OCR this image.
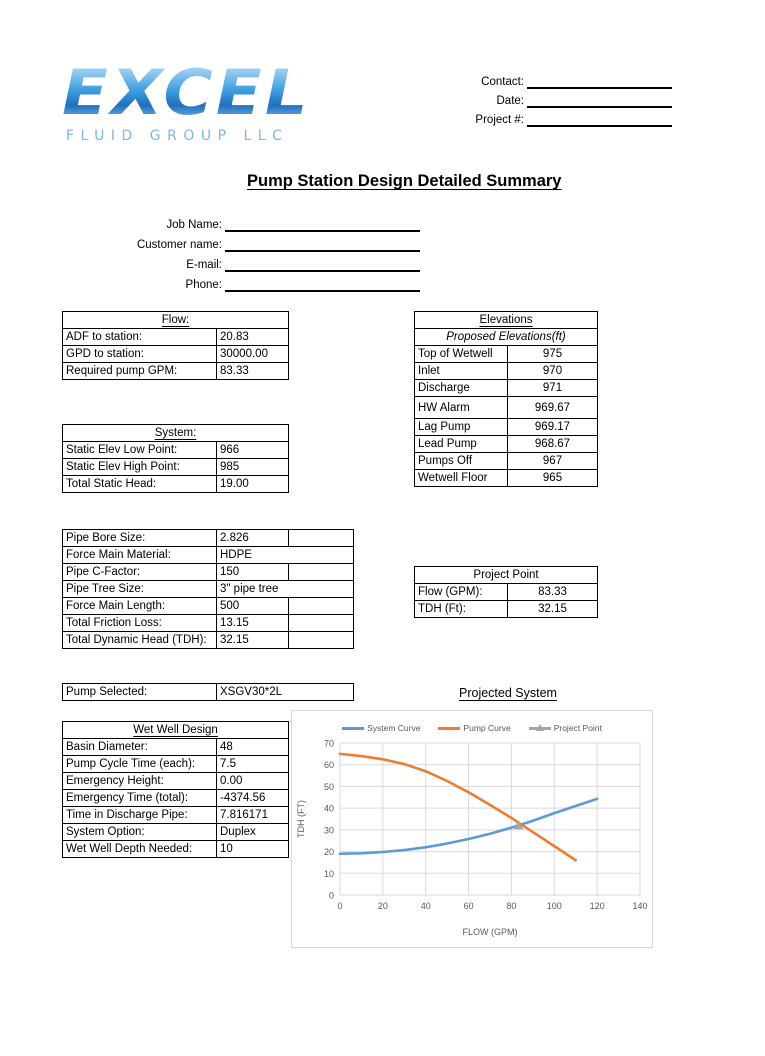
EXCEL
FLUID GROUP LLC
Contact:
Date:
Project #:
Pump Station Design Detailed Summary
Job Name:
Customer name:
E-mail:
Phone:
Flow:	
ADF to station:	20.83
GPD to station:	30000.00
Required pump GPM:	83.33
System:	
Static Elev Low Point:	966
Static Elev High Point:	985
Total Static Head:	19.00
Pipe Bore Size:	2.826	
Force Main Material:	HDPE	
Pipe C-Factor:	150	
Pipe Tree Size:	3" pipe tree	
Force Main Length:	500	
Total Friction Loss:	13.15	
Total Dynamic Head (TDH):	32.15	
Pump Selected:	XSGV30*2L
Wet Well Design	
Basin Diameter:	48
Pump Cycle Time (each):	7.5
Emergency Height:	0.00
Emergency Time (total):	-4374.56
Time in Discharge Pipe:	7.816171
System Option:	Duplex
Wet Well Depth Needed:	10
Elevations	
Proposed Elevations(ft)	
Top of Wetwell	975
Inlet	970
Discharge	971
HW Alarm	969.67
Lag Pump	969.17
Lead Pump	968.67
Pumps Off	967
Wetwell Floor	965
Project Point	
Flow (GPM):	83.33
TDH (Ft):	32.15
Projected System
System Curve	Pump Curve	Project Point
0
10
20
30
40
50
60
70
0	20	40	60	80	100	120	140
FLOW (GPM)
TDH (FT)
